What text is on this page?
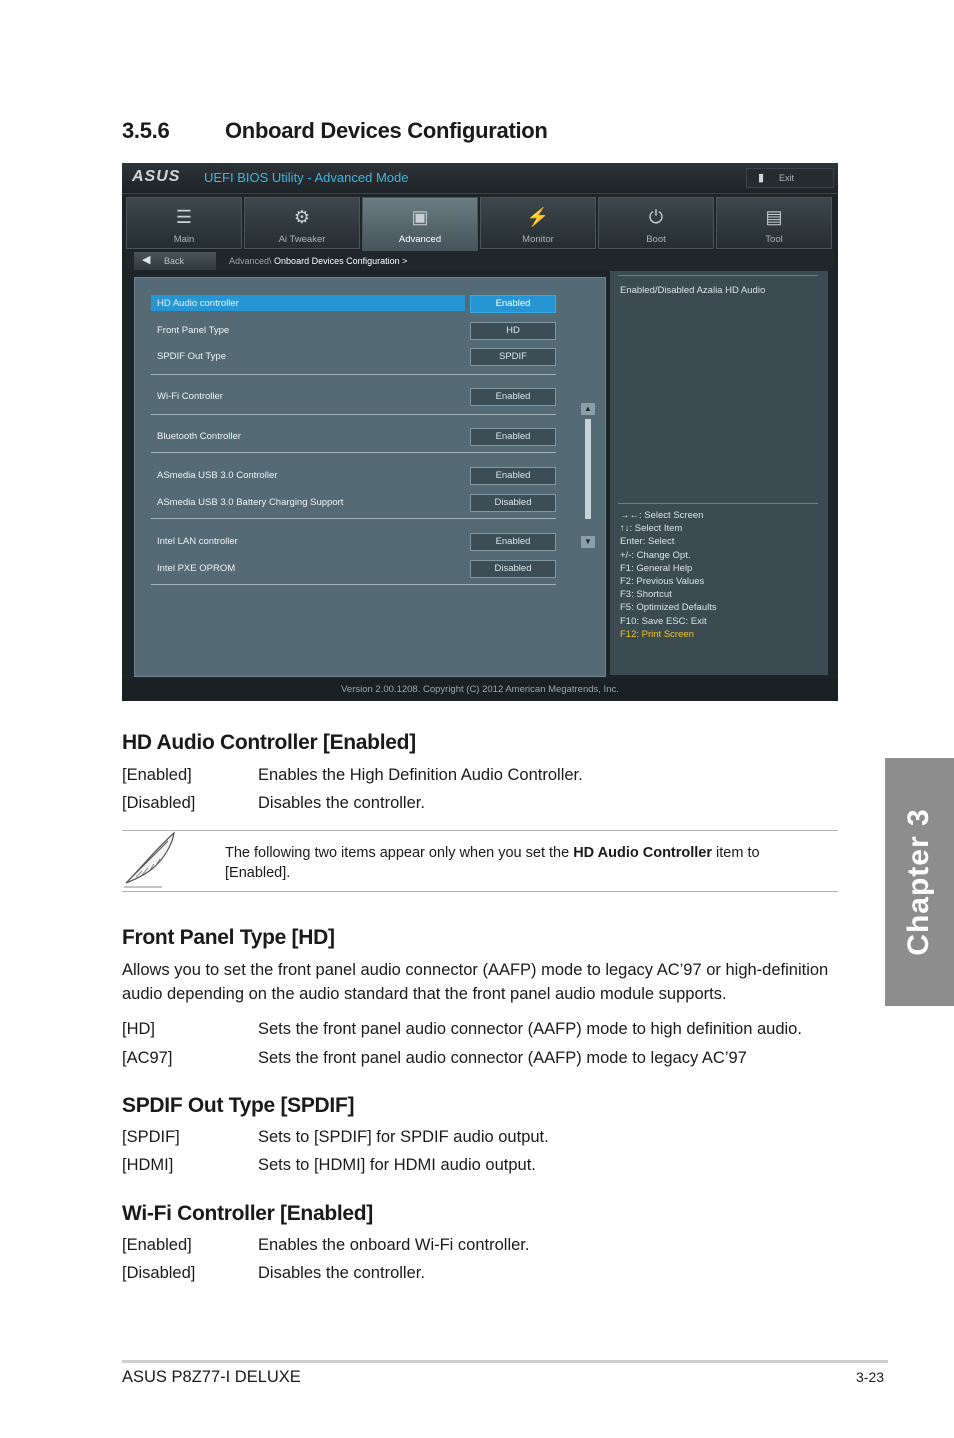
3.5.6	Onboard Devices Configuration
ASUS	UEFI BIOS Utility - Advanced Mode	▮	Exit
☰
Main
⚙
Ai Tweaker
▣
Advanced
⚡
Monitor
⏻
Boot
▤
Tool
◀ Back	Advanced\ Onboard Devices Configuration >
HD Audio controller	Enabled
Front Panel Type	HD
SPDIF Out Type	SPDIF
Wi-Fi Controller	Enabled
Bluetooth Controller	Enabled
ASmedia USB 3.0 Controller	Enabled
ASmedia USB 3.0 Battery Charging Support	Disabled
Intel LAN controller	Enabled
Intel PXE OPROM	Disabled
▲
▼
Enabled/Disabled Azalia HD Audio
→←: Select Screen
↑↓: Select Item
Enter: Select
+/-: Change Opt.
F1: General Help
F2: Previous Values
F3: Shortcut
F5: Optimized Defaults
F10: Save ESC: Exit
F12: Print Screen
Version 2.00.1208. Copyright (C) 2012 American Megatrends, Inc.
HD Audio Controller [Enabled]
[Enabled]	Enables the High Definition Audio Controller.
[Disabled]	Disables the controller.
The following two items appear only when you set the HD Audio Controller item to [Enabled].
Front Panel Type [HD]
Allows you to set the front panel audio connector (AAFP) mode to legacy AC’97 or high-definition audio depending on the audio standard that the front panel audio module supports.
[HD]	Sets the front panel audio connector (AAFP) mode to high definition audio.
[AC97]	Sets the front panel audio connector (AAFP) mode to legacy AC’97
SPDIF Out Type [SPDIF]
[SPDIF]	Sets to [SPDIF] for SPDIF audio output.
[HDMI]	Sets to [HDMI] for HDMI audio output.
Wi-Fi Controller [Enabled]
[Enabled]	Enables the onboard Wi-Fi controller.
[Disabled]	Disables the controller.
Chapter 3
ASUS P8Z77-I DELUXE	3-23
